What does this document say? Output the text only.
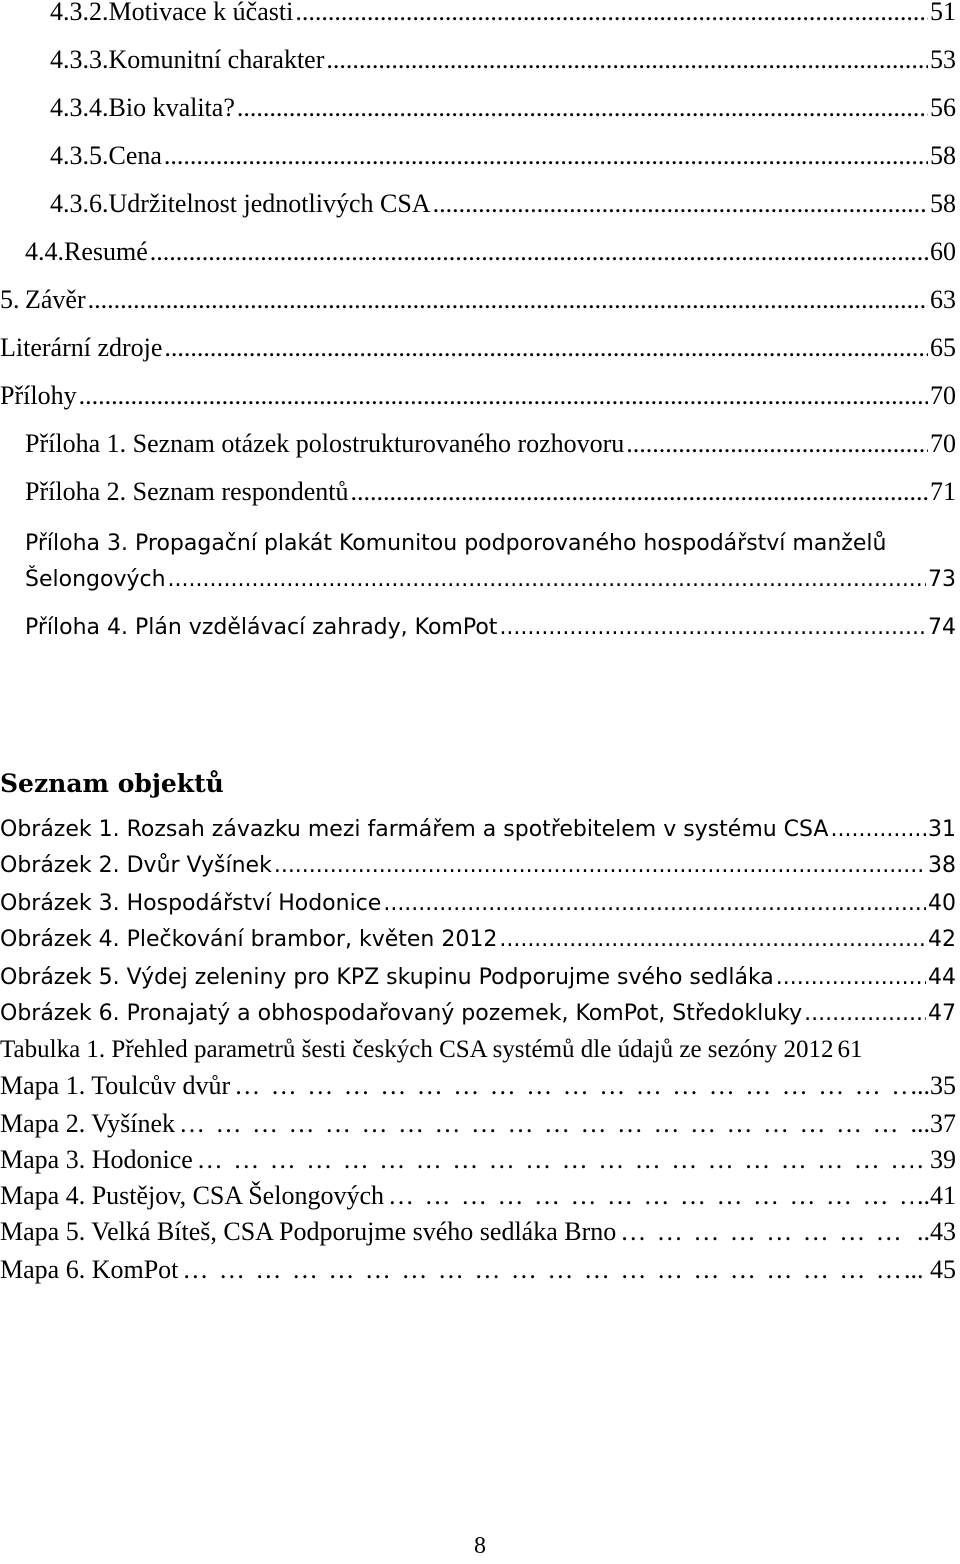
4.3.2. Motivace k účasti .....	51
4.3.3. Komunitní charakter .....	53
4.3.4. Bio kvalita? .....	56
4.3.5. Cena .....	58
4.3.6. Udržitelnost jednotlivých CSA .....	58
4.4. Resumé .....	60
5. Závěr .....	63
Literární zdroje .....	65
Přílohy .....	70
Příloha 1. Seznam otázek polostrukturovaného rozhovoru .....	70
Příloha 2. Seznam respondentů .....	71
Příloha 3. Propagační plakát Komunitou podporovaného hospodářství manželů
Šelongových .....	73
Příloha 4. Plán vzdělávací zahrady, KomPot .....	74
Seznam objektů
Obrázek 1. Rozsah závazku mezi farmářem a spotřebitelem v systému CSA .....	31
Obrázek 2. Dvůr Vyšínek .....	38
Obrázek 3. Hospodářství Hodonice .....	40
Obrázek 4. Plečkování brambor, květen 2012 .....	42
Obrázek 5. Výdej zeleniny pro KPZ skupinu Podporujme svého sedláka .....	44
Obrázek 6. Pronajatý a obhospodařovaný pozemek, KomPot, Středokluky .....	47
Tabulka 1. Přehled parametrů šesti českých CSA systémů dle údajů ze sezóny 2012 61
Mapa 1. Toulcův dvůr … … … … … … … … … … … … … … … … … … … … … … … … … … … … … … … … … … … … … … … … … … … … … … … … … … … … … … … … … … … … … … … … … … …	...35
Mapa 2. Vyšínek … … … … … … … … … … … … … … … … … … … … … … … … … … … … … … … … … … … … … … … … … … … … … … … … … … … … … … … … … … … … … … … … … … …	...37
Mapa 3. Hodonice … … … … … … … … … … … … … … … … … … … … … … … … … … … … … … … … … … … … … … … … … … … … … … … … … … … … … … … … … … … … … … … … … … …	. 39
Mapa 4. Pustějov, CSA Šelongových … … … … … … … … … … … … … … … … … … … … … … … … … … … … … … … … … … … … … … … … … … … … … … … … … … … … … … … … … … … … … … … … … … …	..41
Mapa 5. Velká Bíteš, CSA Podporujme svého sedláka Brno … … … … … … … … … … … … … … … … … … … … … … … … … … … … … … … … … … … … … … … … … … … … … … … … … … … … … … … … … … … … … … … … … … …	..43
Mapa 6. KomPot … … … … … … … … … … … … … … … … … … … … … … … … … … … … … … … … … … … … … … … … … … … … … … … … … … … … … … … … … … … … … … … … … … …	... 45
8
